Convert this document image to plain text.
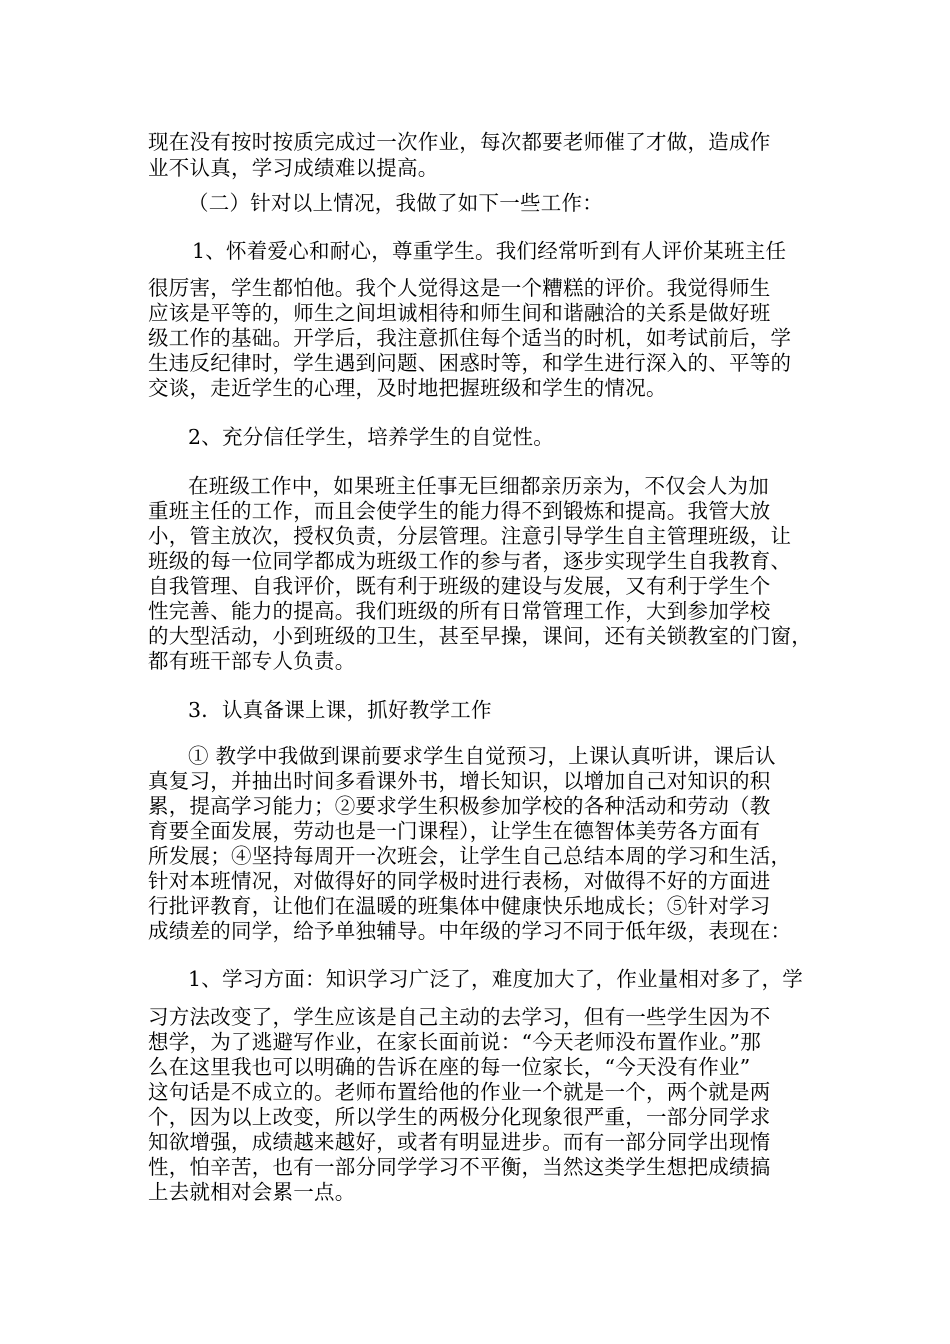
现在没有按时按质完成过一次作业，每次都要老师催了才做，造成作
业不认真，学习成绩难以提高。
（二）针对以上情况，我做了如下一些工作：
1、怀着爱心和耐心，尊重学生。我们经常听到有人评价某班主任
很厉害，学生都怕他。我个人觉得这是一个糟糕的评价。我觉得师生
应该是平等的，师生之间坦诚相待和师生间和谐融洽的关系是做好班
级工作的基础。开学后，我注意抓住每个适当的时机，如考试前后，学
生违反纪律时，学生遇到问题、困惑时等，和学生进行深入的、平等的
交谈，走近学生的心理，及时地把握班级和学生的情况。
2、充分信任学生，培养学生的自觉性。
在班级工作中，如果班主任事无巨细都亲历亲为，不仅会人为加
重班主任的工作，而且会使学生的能力得不到锻炼和提高。我管大放
小，管主放次，授权负责，分层管理。注意引导学生自主管理班级，让
班级的每一位同学都成为班级工作的参与者，逐步实现学生自我教育、
自我管理、自我评价，既有利于班级的建设与发展，又有利于学生个
性完善、能力的提高。我们班级的所有日常管理工作，大到参加学校
的大型活动，小到班级的卫生，甚至早操，课间，还有关锁教室的门窗，
都有班干部专人负责。
3．认真备课上课，抓好教学工作
① 教学中我做到课前要求学生自觉预习，上课认真听讲，课后认
真复习，并抽出时间多看课外书，增长知识，以增加自己对知识的积
累，提高学习能力；②要求学生积极参加学校的各种活动和劳动（教
育要全面发展，劳动也是一门课程），让学生在德智体美劳各方面有
所发展；④坚持每周开一次班会，让学生自己总结本周的学习和生活，
针对本班情况，对做得好的同学极时进行表杨，对做得不好的方面进
行批评教育，让他们在温暖的班集体中健康快乐地成长；⑤针对学习
成绩差的同学，给予单独辅导。中年级的学习不同于低年级，表现在：
1、学习方面：知识学习广泛了，难度加大了，作业量相对多了，学
习方法改变了，学生应该是自己主动的去学习，但有一些学生因为不
想学，为了逃避写作业，在家长面前说：“今天老师没布置作业。”那
么在这里我也可以明确的告诉在座的每一位家长，“今天没有作业”
这句话是不成立的。老师布置给他的作业一个就是一个，两个就是两
个，因为以上改变，所以学生的两极分化现象很严重，一部分同学求
知欲增强，成绩越来越好，或者有明显进步。而有一部分同学出现惰
性，怕辛苦，也有一部分同学学习不平衡，当然这类学生想把成绩搞
上去就相对会累一点。
